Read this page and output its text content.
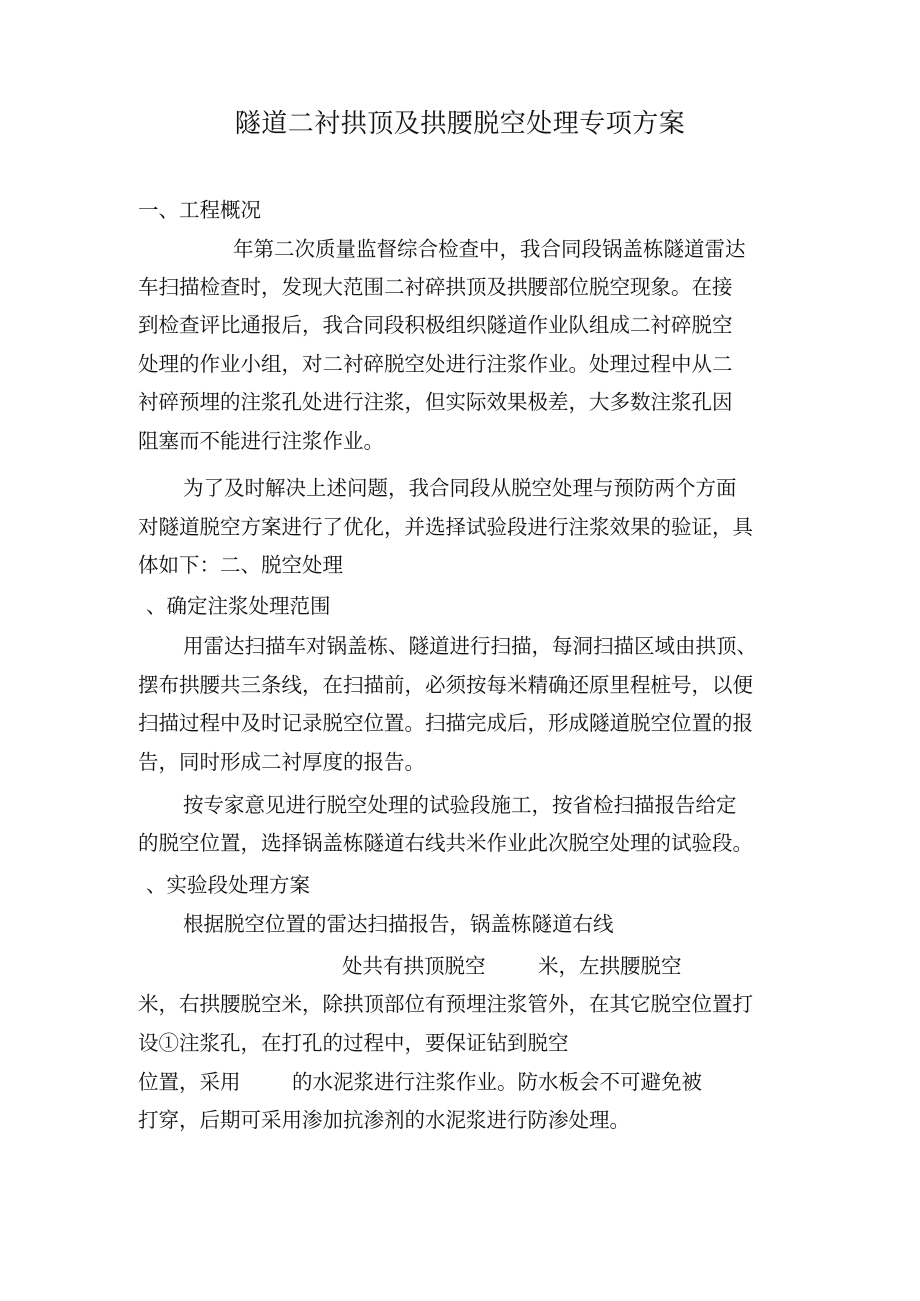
隧道二衬拱顶及拱腰脱空处理专项方案
一、工程概况
年第二次质量监督综合检查中，我合同段锅盖栋隧道雷达
车扫描检查时，发现大范围二衬碎拱顶及拱腰部位脱空现象。在接
到检查评比通报后，我合同段积极组织隧道作业队组成二衬碎脱空
处理的作业小组，对二衬碎脱空处进行注浆作业。处理过程中从二
衬碎预埋的注浆孔处进行注浆，但实际效果极差，大多数注浆孔因
阻塞而不能进行注浆作业。
为了及时解决上述问题，我合同段从脱空处理与预防两个方面
对隧道脱空方案进行了优化，并选择试验段进行注浆效果的验证，具
体如下：二、脱空处理
、确定注浆处理范围
用雷达扫描车对锅盖栋、隧道进行扫描，每洞扫描区域由拱顶、
摆布拱腰共三条线，在扫描前，必须按每米精确还原里程桩号，以便
扫描过程中及时记录脱空位置。扫描完成后，形成隧道脱空位置的报
告，同时形成二衬厚度的报告。
按专家意见进行脱空处理的试验段施工，按省检扫描报告给定
的脱空位置，选择锅盖栋隧道右线共米作业此次脱空处理的试验段。
、实验段处理方案
根据脱空位置的雷达扫描报告，锅盖栋隧道右线
处共有拱顶脱空	米，左拱腰脱空
米，右拱腰脱空米，除拱顶部位有预埋注浆管外，在其它脱空位置打
设①注浆孔，在打孔的过程中，要保证钻到脱空
位置，采用	的水泥浆进行注浆作业。防水板会不可避免被
打穿，后期可采用渗加抗渗剂的水泥浆进行防渗处理。
